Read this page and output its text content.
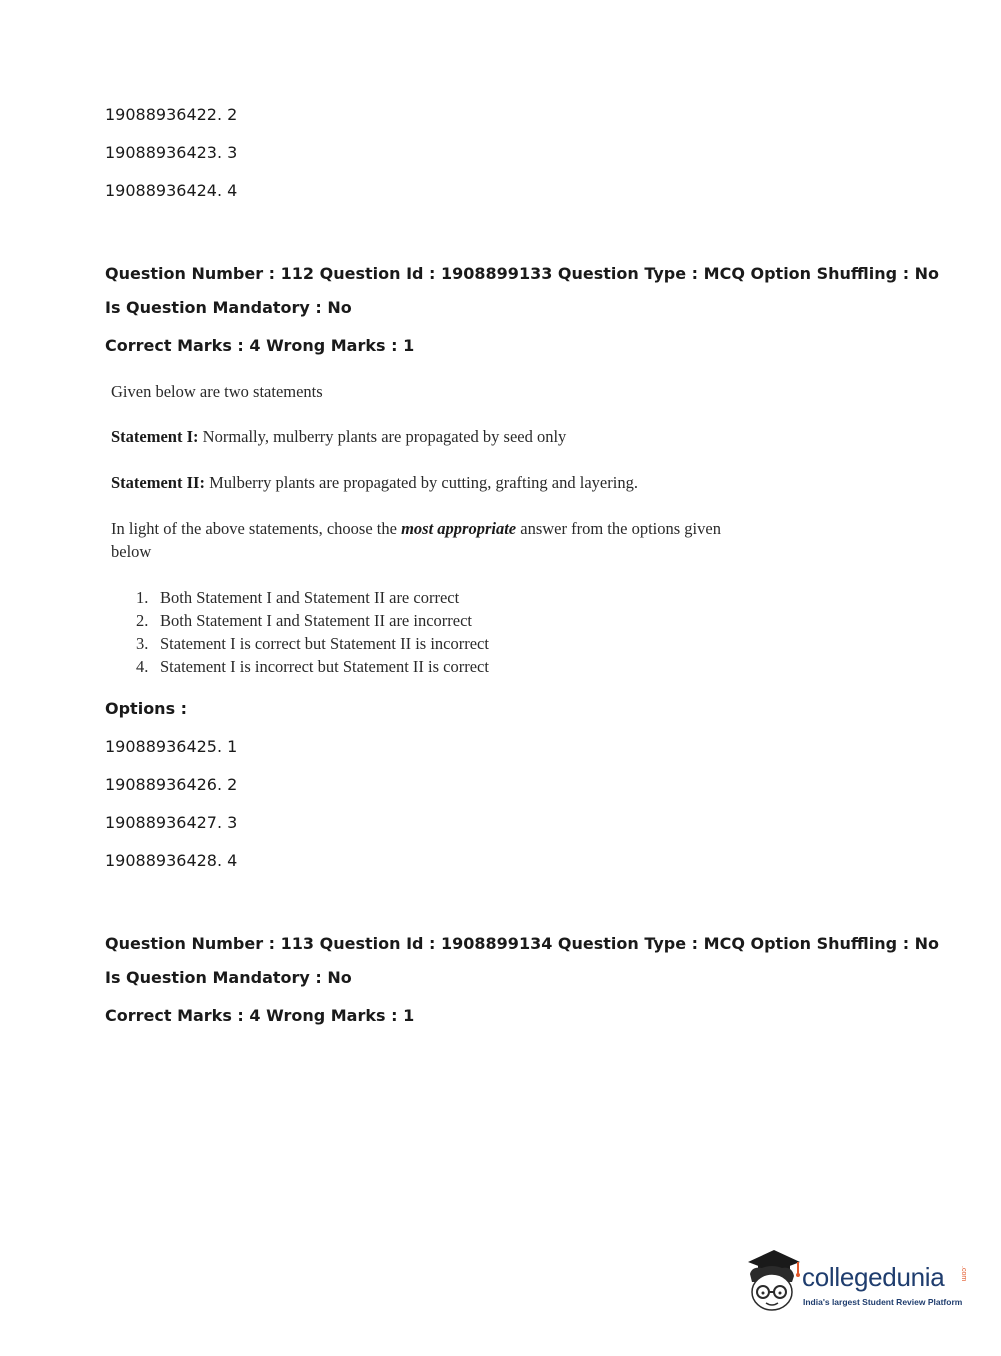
19088936422. 2
19088936423. 3
19088936424. 4
Question Number : 112 Question Id : 1908899133 Question Type : MCQ Option Shuffling : No
Is Question Mandatory : No
Correct Marks : 4 Wrong Marks : 1
Given below are two statements
Statement I: Normally, mulberry plants are propagated by seed only
Statement II: Mulberry plants are propagated by cutting, grafting and layering.
In light of the above statements, choose the most appropriate answer from the options given
below
1. Both Statement I and Statement II are correct
2. Both Statement I and Statement II are incorrect
3. Statement I is correct but Statement II is incorrect
4. Statement I is incorrect but Statement II is correct
Options :
19088936425. 1
19088936426. 2
19088936427. 3
19088936428. 4
Question Number : 113 Question Id : 1908899134 Question Type : MCQ Option Shuffling : No
Is Question Mandatory : No
Correct Marks : 4 Wrong Marks : 1
collegedunia .com
India's largest Student Review Platform
